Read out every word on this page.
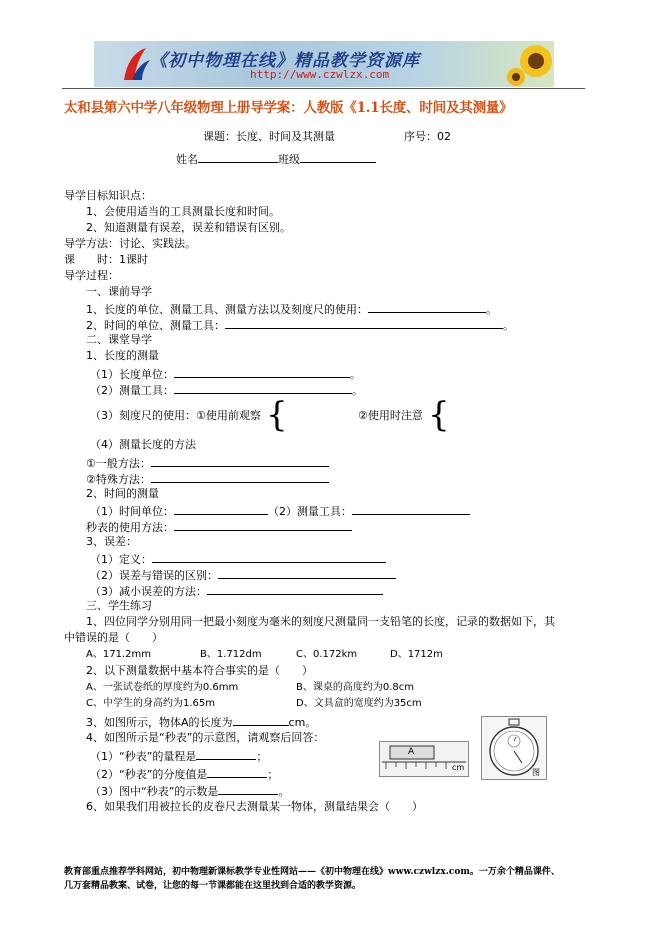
《初中物理在线》精品教学资源库
http://www.czwlzx.com
太和县第六中学八年级物理上册导学案：人教版《1.1长度、时间及其测量》
课题：长度、时间及其测量	序号：02
姓名	班级
导学目标知识点：
1、会使用适当的工具测量长度和时间。
2、知道测量有误差，误差和错误有区别。
导学方法：讨论、实践法。
课　　时：1课时
导学过程：
一、课前导学
1、长度的单位、测量工具、测量方法以及刻度尺的使用：	。
2、时间的单位、测量工具：	。
二、课堂导学
1、长度的测量
（1）长度单位：	。
（2）测量工具：	。
（3）刻度尺的使用：①使用前观察 {	②使用时注意 {
（4）测量长度的方法
①一般方法：
②特殊方法：
2、时间的测量
（1）时间单位：	（2）测量工具：
秒表的使用方法：
3、误差：
（1）定义：
（2）误差与错误的区别：
（3）减小误差的方法：
三、学生练习
1、四位同学分别用同一把最小刻度为毫米的刻度尺测量同一支铅笔的长度，记录的数据如下，其
中错误的是（　　）
A、171.2mm	B、1.712dm	C、0.172km	D、1712m
2、以下测量数据中基本符合事实的是（　　）
A、一张试卷纸的厚度约为0.6mm	B、课桌的高度约为0.8cm
C、中学生的身高约为1.65m	D、文具盒的宽度约为35cm
3、如图所示，物体A的长度为	cm。
4、如图所示是“秒表”的示意图，请观察后回答：
（1）“秒表”的量程是	；
（2）“秒表”的分度值是	；
（3）图中“秒表”的示数是	。
6、如果我们用被拉长的皮卷尺去测量某一物体，测量结果会（　　）
A
cm
图
教育部重点推荐学科网站，初中物理新课标教学专业性网站——《初中物理在线》www.czwlzx.com。一万余个精品课件、
几万套精品教案、试卷，让您的每一节课都能在这里找到合适的教学资源。
